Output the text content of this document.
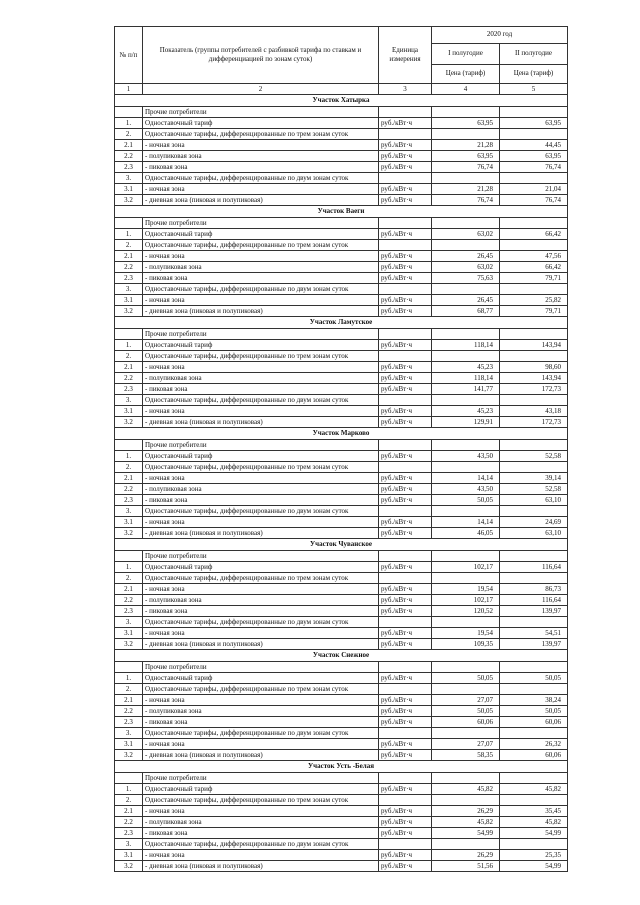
№ п/п	Показатель (группы потребителей с разбивкой тарифа по ставкам и дифференциацией по зонам суток)	Единица измерения	2020 год	
			I полугодие	II полугодие
			Цена (тариф)	Цена (тариф)
1	2	3	4	5
Участок Хатырка				
	Прочие потребители			
1.	Одноставочный тариф	руб./кВт·ч	63,95	63,95
2.	Одноставочные тарифы, дифференцированные по трем зонам суток			
2.1	- ночная зона	руб./кВт·ч	21,28	44,45
2.2	- полупиковая зона	руб./кВт·ч	63,95	63,95
2.3	- пиковая зона	руб./кВт·ч	76,74	76,74
3.	Одноставочные тарифы, дифференцированные по двум зонам суток			
3.1	- ночная зона	руб./кВт·ч	21,28	21,04
3.2	- дневная зона (пиковая и полупиковая)	руб./кВт·ч	76,74	76,74
Участок Ваеги				
	Прочие потребители			
1.	Одноставочный тариф	руб./кВт·ч	63,02	66,42
2.	Одноставочные тарифы, дифференцированные по трем зонам суток			
2.1	- ночная зона	руб./кВт·ч	26,45	47,56
2.2	- полупиковая зона	руб./кВт·ч	63,02	66,42
2.3	- пиковая зона	руб./кВт·ч	75,63	79,71
3.	Одноставочные тарифы, дифференцированные по двум зонам суток			
3.1	- ночная зона	руб./кВт·ч	26,45	25,82
3.2	- дневная зона (пиковая и полупиковая)	руб./кВт·ч	68,77	79,71
Участок Ламутское				
	Прочие потребители			
1.	Одноставочный тариф	руб./кВт·ч	118,14	143,94
2.	Одноставочные тарифы, дифференцированные по трем зонам суток			
2.1	- ночная зона	руб./кВт·ч	45,23	98,60
2.2	- полупиковая зона	руб./кВт·ч	118,14	143,94
2.3	- пиковая зона	руб./кВт·ч	141,77	172,73
3.	Одноставочные тарифы, дифференцированные по двум зонам суток			
3.1	- ночная зона	руб./кВт·ч	45,23	43,18
3.2	- дневная зона (пиковая и полупиковая)	руб./кВт·ч	129,91	172,73
Участок Марково				
	Прочие потребители			
1.	Одноставочный тариф	руб./кВт·ч	43,50	52,58
2.	Одноставочные тарифы, дифференцированные по трем зонам суток			
2.1	- ночная зона	руб./кВт·ч	14,14	39,14
2.2	- полупиковая зона	руб./кВт·ч	43,50	52,58
2.3	- пиковая зона	руб./кВт·ч	50,05	63,10
3.	Одноставочные тарифы, дифференцированные по двум зонам суток			
3.1	- ночная зона	руб./кВт·ч	14,14	24,69
3.2	- дневная зона (пиковая и полупиковая)	руб./кВт·ч	46,05	63,10
Участок Чуванское				
	Прочие потребители			
1.	Одноставочный тариф	руб./кВт·ч	102,17	116,64
2.	Одноставочные тарифы, дифференцированные по трем зонам суток			
2.1	- ночная зона	руб./кВт·ч	19,54	86,73
2.2	- полупиковая зона	руб./кВт·ч	102,17	116,64
2.3	- пиковая зона	руб./кВт·ч	120,52	139,97
3.	Одноставочные тарифы, дифференцированные по двум зонам суток			
3.1	- ночная зона	руб./кВт·ч	19,54	54,51
3.2	- дневная зона (пиковая и полупиковая)	руб./кВт·ч	109,35	139,97
Участок Снежное				
	Прочие потребители			
1.	Одноставочный тариф	руб./кВт·ч	50,05	50,05
2.	Одноставочные тарифы, дифференцированные по трем зонам суток			
2.1	- ночная зона	руб./кВт·ч	27,07	38,24
2.2	- полупиковая зона	руб./кВт·ч	50,05	50,05
2.3	- пиковая зона	руб./кВт·ч	60,06	60,06
3.	Одноставочные тарифы, дифференцированные по двум зонам суток			
3.1	- ночная зона	руб./кВт·ч	27,07	26,32
3.2	- дневная зона (пиковая и полупиковая)	руб./кВт·ч	58,35	60,06
Участок Усть -Белая				
	Прочие потребители			
1.	Одноставочный тариф	руб./кВт·ч	45,82	45,82
2.	Одноставочные тарифы, дифференцированные по трем зонам суток			
2.1	- ночная зона	руб./кВт·ч	26,29	35,45
2.2	- полупиковая зона	руб./кВт·ч	45,82	45,82
2.3	- пиковая зона	руб./кВт·ч	54,99	54,99
3.	Одноставочные тарифы, дифференцированные по двум зонам суток			
3.1	- ночная зона	руб./кВт·ч	26,29	25,35
3.2	- дневная зона (пиковая и полупиковая)	руб./кВт·ч	51,56	54,99
